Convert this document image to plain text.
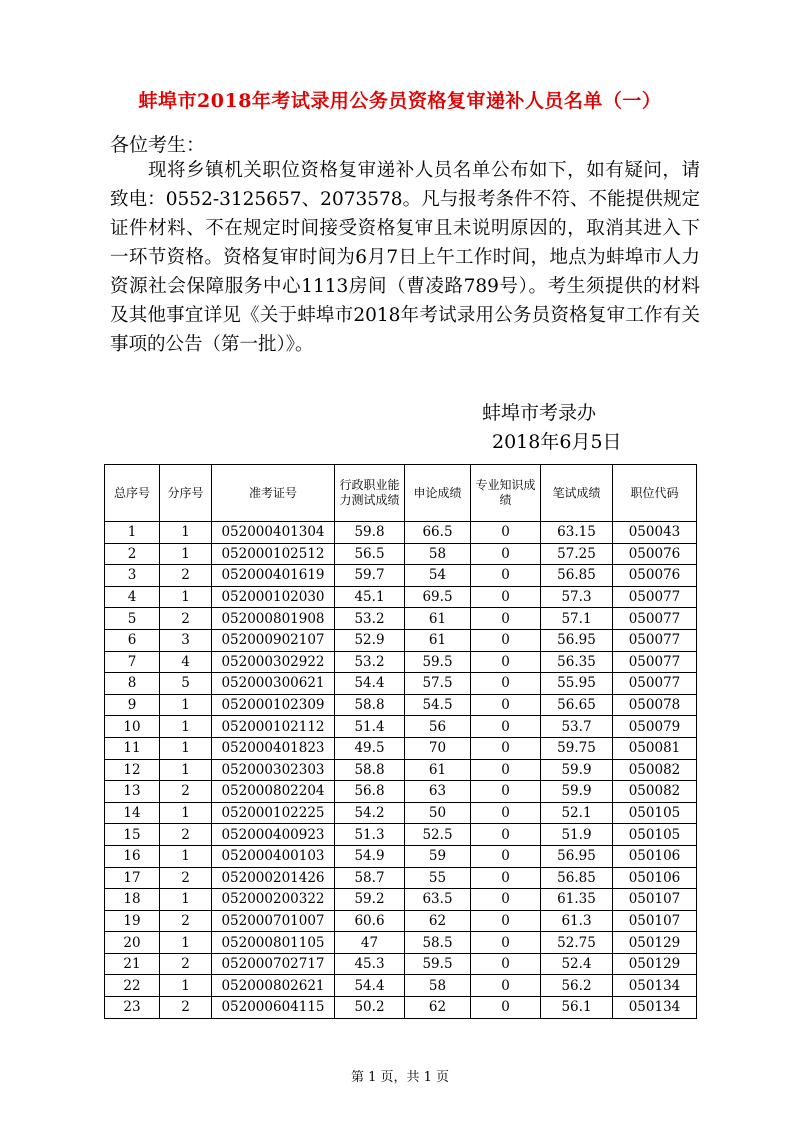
蚌埠市2018年考试录用公务员资格复审递补人员名单（一）
各位考生：

现将乡镇机关职位资格复审递补人员名单公布如下，如有疑问，请致电：0552-3125657、2073578。凡与报考条件不符、不能提供规定证件材料、不在规定时间接受资格复审且未说明原因的，取消其进入下一环节资格。资格复审时间为6月7日上午工作时间，地点为蚌埠市人力资源社会保障服务中心1113房间（曹凌路789号）。考生须提供的材料及其他事宜详见《关于蚌埠市2018年考试录用公务员资格复审工作有关事项的公告（第一批）》。

蚌埠市考录办
2018年6月5日
总序号	分序号	准考证号	行政职业能力测试成绩	申论成绩	专业知识成绩	笔试成绩	职位代码
1	1	052000401304	59.8	66.5	0	63.15	050043
2	1	052000102512	56.5	58	0	57.25	050076
3	2	052000401619	59.7	54	0	56.85	050076
4	1	052000102030	45.1	69.5	0	57.3	050077
5	2	052000801908	53.2	61	0	57.1	050077
6	3	052000902107	52.9	61	0	56.95	050077
7	4	052000302922	53.2	59.5	0	56.35	050077
8	5	052000300621	54.4	57.5	0	55.95	050077
9	1	052000102309	58.8	54.5	0	56.65	050078
10	1	052000102112	51.4	56	0	53.7	050079
11	1	052000401823	49.5	70	0	59.75	050081
12	1	052000302303	58.8	61	0	59.9	050082
13	2	052000802204	56.8	63	0	59.9	050082
14	1	052000102225	54.2	50	0	52.1	050105
15	2	052000400923	51.3	52.5	0	51.9	050105
16	1	052000400103	54.9	59	0	56.95	050106
17	2	052000201426	58.7	55	0	56.85	050106
18	1	052000200322	59.2	63.5	0	61.35	050107
19	2	052000701007	60.6	62	0	61.3	050107
20	1	052000801105	47	58.5	0	52.75	050129
21	2	052000702717	45.3	59.5	0	52.4	050129
22	1	052000802621	54.4	58	0	56.2	050134
23	2	052000604115	50.2	62	0	56.1	050134
第 1 页，共 1 页
